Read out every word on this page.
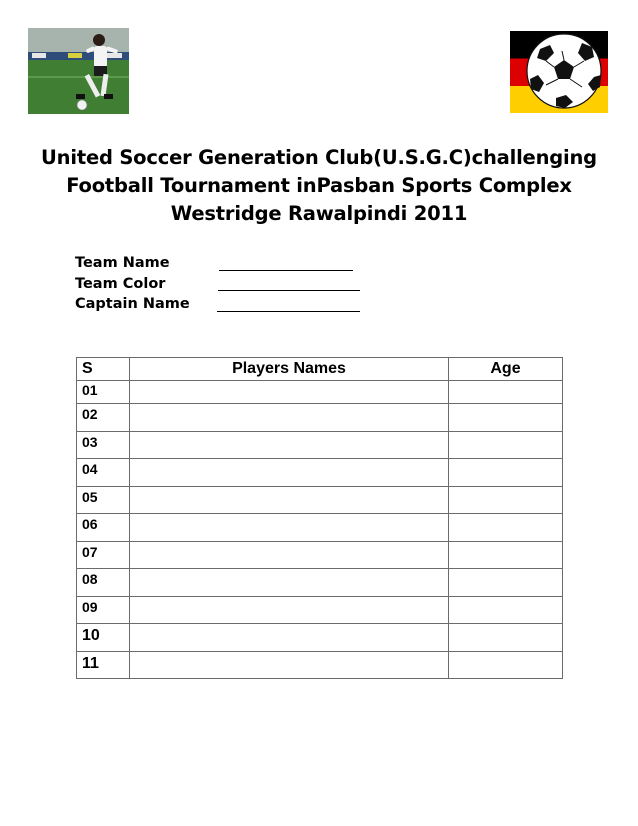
United Soccer Generation Club(U.S.G.C)challenging
Football Tournament inPasban Sports Complex
Westridge Rawalpindi 2011
Team Name
Team Color
Captain Name
S	Players Names	Age
01		
02		
03		
04		
05		
06		
07		
08		
09		
10		
11		
